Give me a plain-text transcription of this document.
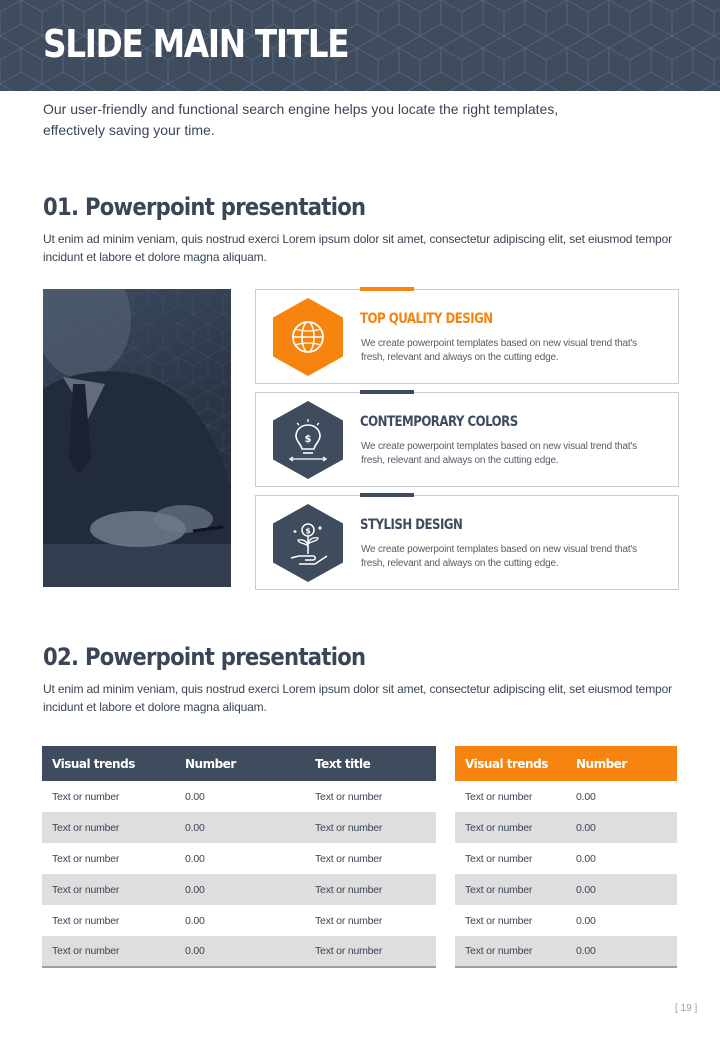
SLIDE MAIN TITLE
Our user-friendly and functional search engine helps you locate the right templates, effectively saving your time.
01. Powerpoint presentation
Ut enim ad minim veniam, quis nostrud exerci Lorem ipsum dolor sit amet, consectetur adipiscing elit, set eiusmod tempor incidunt et labore et dolore magna aliquam.
TOP QUALITY DESIGN
We create powerpoint templates based on new visual trend that's fresh, relevant and always on the cutting edge.
$
CONTEMPORARY COLORS
We create powerpoint templates based on new visual trend that's fresh, relevant and always on the cutting edge.
$	STYLISH DESIGN
We create powerpoint templates based on new visual trend that's fresh, relevant and always on the cutting edge.
02. Powerpoint presentation
Ut enim ad minim veniam, quis nostrud exerci Lorem ipsum dolor sit amet, consectetur adipiscing elit, set eiusmod tempor incidunt et labore et dolore magna aliquam.
Visual trends	Number	Text title
Text or number	0.00	Text or number
Text or number	0.00	Text or number
Text or number	0.00	Text or number
Text or number	0.00	Text or number
Text or number	0.00	Text or number
Text or number	0.00	Text or number
Visual trends	Number
Text or number	0.00
Text or number	0.00
Text or number	0.00
Text or number	0.00
Text or number	0.00
Text or number	0.00
[ 19 ]
